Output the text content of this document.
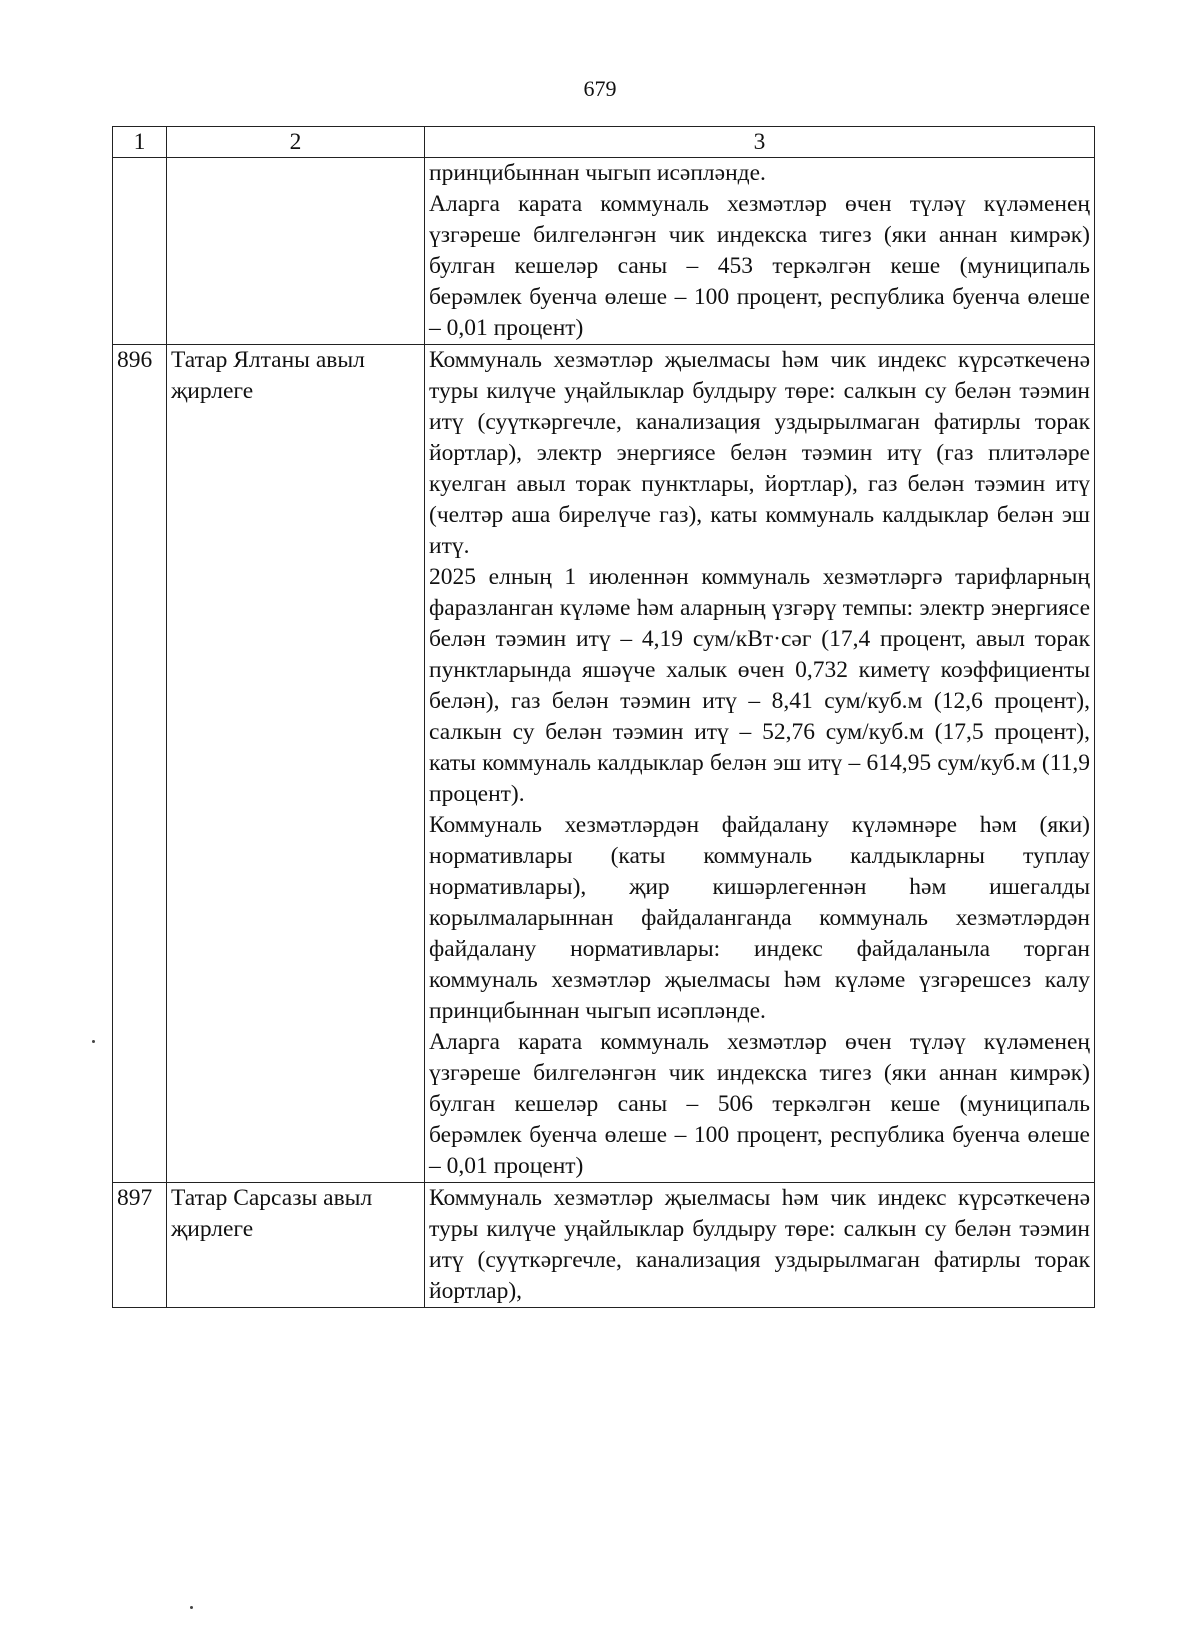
679
1	2	3

		принцибыннан чыгып исәпләнде.
Аларга карата коммуналь хезмәтләр өчен түләү күләменең үзгәреше билгеләнгән чик индекска тигез (яки аннан кимрәк) булган кешеләр саны – 453 теркәлгән кеше (муниципаль берәмлек буенча өлеше – 100 процент, республика буенча өлеше – 0,01 процент)

896	Татар Ялтаны авыл җирлеге	Коммуналь хезмәтләр җыелмасы һәм чик индекс күрсәткеченә туры килүче уңайлыклар булдыру төре: салкын су белән тәэмин итү (суүткәргечле, канализация уздырылмаган фатирлы торак йортлар), электр энергиясе белән тәэмин итү (газ плитәләре куелган авыл торак пунктлары, йортлар), газ белән тәэмин итү (челтәр аша бирелүче газ), каты коммуналь калдыклар белән эш итү.
2025 елның 1 июленнән коммуналь хезмәтләргә тарифларның фаразланган күләме һәм аларның үзгәрү темпы: электр энергиясе белән тәэмин итү – 4,19 сум/кВт·сәг (17,4 процент, авыл торак пунктларында яшәүче халык өчен 0,732 киметү коэффициенты белән), газ белән тәэмин итү – 8,41 сум/куб.м (12,6 процент), салкын су белән тәэмин итү – 52,76 сум/куб.м (17,5 процент), каты коммуналь калдыклар белән эш итү – 614,95 сум/куб.м (11,9 процент).
Коммуналь хезмәтләрдән файдалану күләмнәре һәм (яки) нормативлары (каты коммуналь калдыкларны туплау нормативлары), җир кишәрлегеннән һәм ишегалды корылмаларыннан файдаланганда коммуналь хезмәтләрдән файдалану нормативлары: индекс файдаланыла торган коммуналь хезмәтләр җыелмасы һәм күләме үзгәрешсез калу принцибыннан чыгып исәпләнде.
Аларга карата коммуналь хезмәтләр өчен түләү күләменең үзгәреше билгеләнгән чик индекска тигез (яки аннан кимрәк) булган кешеләр саны – 506 теркәлгән кеше (муниципаль берәмлек буенча өлеше – 100 процент, республика буенча өлеше – 0,01 процент)

897	Татар Сарсазы авыл җирлеге	Коммуналь хезмәтләр җыелмасы һәм чик индекс күрсәткеченә туры килүче уңайлыклар булдыру төре: салкын су белән тәэмин итү (суүткәргечле, канализация уздырылмаган фатирлы торак йортлар),
